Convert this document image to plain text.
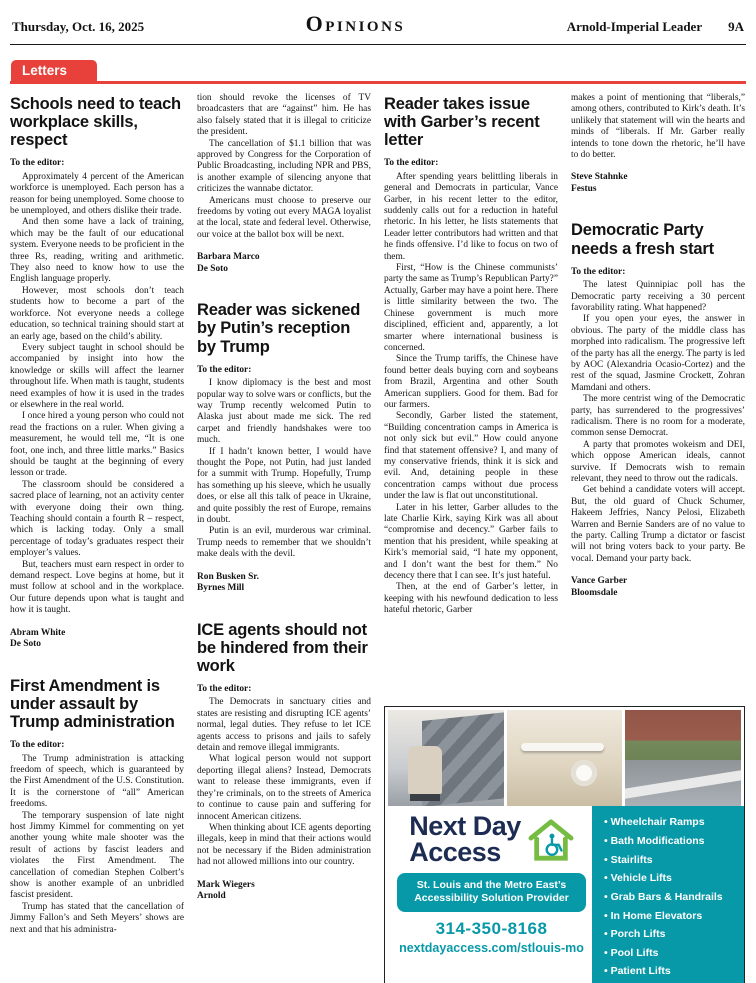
Thursday, Oct. 16, 2025	Opinions	Arnold-Imperial Leader 9A
Letters
Schools need to teach workplace skills, respect

To the editor:

Approximately 4 percent of the American workforce is unemployed. Each person has a reason for being unemployed. Some choose to be unemployed, and others dislike their trade.

And then some have a lack of training, which may be the fault of our educational system. Everyone needs to be proficient in the three Rs, reading, writing and arithmetic. They also need to know how to use the English language properly.

However, most schools don’t teach students how to become a part of the workforce. Not everyone needs a college education, so technical training should start at an early age, based on the child’s ability.

Every subject taught in school should be accompanied by insight into how the knowledge or skills will affect the learner throughout life. When math is taught, students need examples of how it is used in the trades or elsewhere in the real world.

I once hired a young person who could not read the fractions on a ruler. When giving a measurement, he would tell me, “It is one foot, one inch, and three little marks.” Basics should be taught at the beginning of every lesson or trade.

The classroom should be considered a sacred place of learning, not an activity center with everyone doing their own thing. Teaching should contain a fourth R – respect, which is lacking today. Only a small percentage of today’s graduates respect their employer’s values.

But, teachers must earn respect in order to demand respect. Love begins at home, but it must follow at school and in the workplace. Our future depends upon what is taught and how it is taught.

Abram White
De Soto
First Amendment is under assault by Trump administration

To the editor:

The Trump administration is attacking freedom of speech, which is guaranteed by the First Amendment of the U.S. Constitution. It is the cornerstone of “all” American freedoms.

The temporary suspension of late night host Jimmy Kimmel for commenting on yet another young white male shooter was the result of actions by fascist leaders and violates the First Amendment. The cancellation of comedian Stephen Colbert’s show is another example of an unbridled fascist president.

Trump has stated that the cancellation of Jimmy Fallon’s and Seth Meyers’ shows are next and that his administra-

tion should revoke the licenses of TV broadcasters that are “against” him. He has also falsely stated that it is illegal to criticize the president.

The cancellation of $1.1 billion that was approved by Congress for the Corporation of Public Broadcasting, including NPR and PBS, is another example of silencing anyone that criticizes the wannabe dictator.

Americans must choose to preserve our freedoms by voting out every MAGA loyalist at the local, state and federal level. Otherwise, our voice at the ballot box will be next.

Barbara Marco
De Soto
Reader was sickened by Putin’s reception by Trump

To the editor:

I know diplomacy is the best and most popular way to solve wars or conflicts, but the way Trump recently welcomed Putin to Alaska just about made me sick. The red carpet and friendly handshakes were too much.

If I hadn’t known better, I would have thought the Pope, not Putin, had just landed for a summit with Trump. Hopefully, Trump has something up his sleeve, which he usually does, or else all this talk of peace in Ukraine, and quite possibly the rest of Europe, remains in doubt.

Putin is an evil, murderous war criminal. Trump needs to remember that we shouldn’t make deals with the devil.

Ron Busken Sr.
Byrnes Mill
ICE agents should not be hindered from their work

To the editor:

The Democrats in sanctuary cities and states are resisting and disrupting ICE agents’ normal, legal duties. They refuse to let ICE agents access to prisons and jails to safely detain and remove illegal immigrants.

What logical person would not support deporting illegal aliens? Instead, Democrats want to release these immigrants, even if they’re criminals, on to the streets of America to continue to cause pain and suffering for innocent American citizens.

When thinking about ICE agents deporting illegals, keep in mind that their actions would not be necessary if the Biden administration had not allowed millions into our country.

Mark Wiegers
Arnold
Reader takes issue with Garber’s recent letter

To the editor:

After spending years belittling liberals in general and Democrats in particular, Vance Garber, in his recent letter to the editor, suddenly calls out for a reduction in hateful rhetoric. In his letter, he lists statements that Leader letter contributors had written and that he finds offensive. I’d like to focus on two of them.

First, “How is the Chinese communists’ party the same as Trump’s Republican Party?” Actually, Garber may have a point here. There is little similarity between the two. The Chinese government is much more disciplined, efficient and, apparently, a lot smarter where international business is concerned.

Since the Trump tariffs, the Chinese have found better deals buying corn and soybeans from Brazil, Argentina and other South American suppliers. Good for them. Bad for our farmers.

Secondly, Garber listed the statement, “Building concentration camps in America is not only sick but evil.” How could anyone find that statement offensive? I, and many of my conservative friends, think it is sick and evil. And, detaining people in these concentration camps without due process under the law is flat out unconstitutional.

Later in his letter, Garber alludes to the late Charlie Kirk, saying Kirk was all about “compromise and decency.” Garber fails to mention that his president, while speaking at Kirk’s memorial said, “I hate my opponent, and I don’t want the best for them.” No decency there that I can see. It’s just hateful.

Then, at the end of Garber’s letter, in keeping with his newfound dedication to less hateful rhetoric, Garber

makes a point of mentioning that “liberals,” among others, contributed to Kirk’s death. It’s unlikely that statement will win the hearts and minds of “liberals. If Mr. Garber really intends to tone down the rhetoric, he’ll have to do better.

Steve Stahnke
Festus
Democratic Party needs a fresh start

To the editor:

The latest Quinnipiac poll has the Democratic party receiving a 30 percent favorability rating. What happened?

If you open your eyes, the answer in obvious. The party of the middle class has morphed into radicalism. The progressive left of the party has all the energy. The party is led by AOC (Alexandria Ocasio-Cortez) and the rest of the squad, Jasmine Crockett, Zohran Mamdani and others.

The more centrist wing of the Democratic party, has surrendered to the progressives’ radicalism. There is no room for a moderate, common sense Democrat.

A party that promotes wokeism and DEI, which oppose American ideals, cannot survive. If Democrats wish to remain relevant, they need to throw out the radicals.

Get behind a candidate voters will accept. But, the old guard of Chuck Schumer, Hakeem Jeffries, Nancy Pelosi, Elizabeth Warren and Bernie Sanders are of no value to the party. Calling Trump a dictator or fascist will not bring voters back to your party. Be vocal. Demand your party back.

Vance Garber
Bloomsdale
Next Day
Access
St. Louis and the Metro East’s Accessibility Solution Provider
314-350-8168
nextdayaccess.com/stlouis-mo
• Wheelchair Ramps
• Bath Modifications
• Stairlifts
• Vehicle Lifts
• Grab Bars & Handrails
• In Home Elevators
• Porch Lifts
• Pool Lifts
• Patient Lifts
